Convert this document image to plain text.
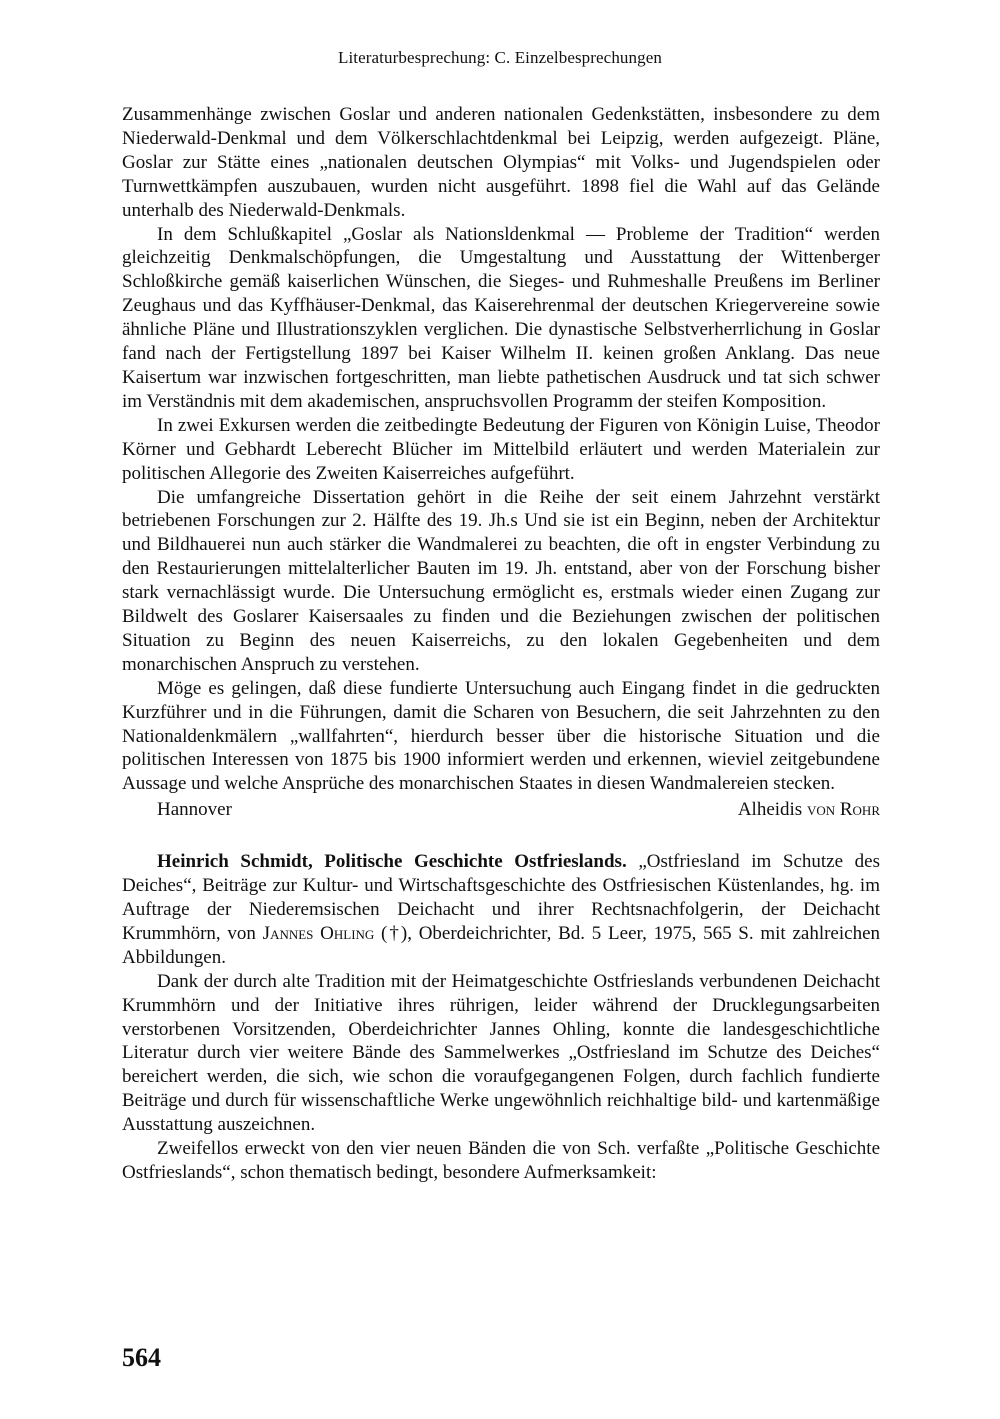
Literaturbesprechung: C. Einzelbesprechungen

Zusammenhänge zwischen Goslar und anderen nationalen Gedenkstätten, insbesondere zu dem Niederwald-Denkmal und dem Völkerschlachtdenkmal bei Leipzig, werden aufgezeigt. Pläne, Goslar zur Stätte eines „nationalen deutschen Olympias“ mit Volks- und Jugendspielen oder Turnwettkämpfen auszubauen, wurden nicht ausgeführt. 1898 fiel die Wahl auf das Gelände unterhalb des Niederwald-Denkmals.

In dem Schlußkapitel „Goslar als Nationsldenkmal — Probleme der Tradition“ werden gleichzeitig Denkmalschöpfungen, die Umgestaltung und Ausstattung der Wittenberger Schloßkirche gemäß kaiserlichen Wünschen, die Sieges- und Ruhmeshalle Preußens im Berliner Zeughaus und das Kyffhäuser-Denkmal, das Kaiserehrenmal der deutschen Kriegervereine sowie ähnliche Pläne und Illustrationszyklen verglichen. Die dynastische Selbstverherrlichung in Goslar fand nach der Fertigstellung 1897 bei Kaiser Wilhelm II. keinen großen Anklang. Das neue Kaisertum war inzwischen fortgeschritten, man liebte pathetischen Ausdruck und tat sich schwer im Verständnis mit dem akademischen, anspruchsvollen Programm der steifen Komposition.

In zwei Exkursen werden die zeitbedingte Bedeutung der Figuren von Königin Luise, Theodor Körner und Gebhardt Leberecht Blücher im Mittelbild erläutert und werden Materialein zur politischen Allegorie des Zweiten Kaiserreiches aufgeführt.

Die umfangreiche Dissertation gehört in die Reihe der seit einem Jahrzehnt verstärkt betriebenen Forschungen zur 2. Hälfte des 19. Jh.s Und sie ist ein Beginn, neben der Architektur und Bildhauerei nun auch stärker die Wandmalerei zu beachten, die oft in engster Verbindung zu den Restaurierungen mittelalterlicher Bauten im 19. Jh. entstand, aber von der Forschung bisher stark vernachlässigt wurde. Die Untersuchung ermöglicht es, erstmals wieder einen Zugang zur Bildwelt des Goslarer Kaisersaales zu finden und die Beziehungen zwischen der politischen Situation zu Beginn des neuen Kaiserreichs, zu den lokalen Gegebenheiten und dem monarchischen Anspruch zu verstehen.

Möge es gelingen, daß diese fundierte Untersuchung auch Eingang findet in die gedruckten Kurzführer und in die Führungen, damit die Scharen von Besuchern, die seit Jahrzehnten zu den Nationaldenkmälern „wallfahrten“, hierdurch besser über die historische Situation und die politischen Interessen von 1875 bis 1900 informiert werden und erkennen, wieviel zeitgebundene Aussage und welche Ansprüche des monarchischen Staates in diesen Wandmalereien stecken.

Hannover	Alheidis von Rohr

Heinrich Schmidt, Politische Geschichte Ostfrieslands. „Ostfriesland im Schutze des Deiches“, Beiträge zur Kultur- und Wirtschaftsgeschichte des Ostfriesischen Küstenlandes, hg. im Auftrage der Niederemsischen Deichacht und ihrer Rechtsnachfolgerin, der Deichacht Krummhörn, von Jannes Ohling (†), Oberdeichrichter, Bd. 5 Leer, 1975, 565 S. mit zahlreichen Abbildungen.

Dank der durch alte Tradition mit der Heimatgeschichte Ostfrieslands verbundenen Deichacht Krummhörn und der Initiative ihres rührigen, leider während der Drucklegungsarbeiten verstorbenen Vorsitzenden, Oberdeichrichter Jannes Ohling, konnte die landesgeschichtliche Literatur durch vier weitere Bände des Sammelwerkes „Ostfriesland im Schutze des Deiches“ bereichert werden, die sich, wie schon die voraufgegangenen Folgen, durch fachlich fundierte Beiträge und durch für wissenschaftliche Werke ungewöhnlich reichhaltige bild- und kartenmäßige Ausstattung auszeichnen.

Zweifellos erweckt von den vier neuen Bänden die von Sch. verfaßte „Politische Geschichte Ostfrieslands“, schon thematisch bedingt, besondere Aufmerksamkeit:

564
